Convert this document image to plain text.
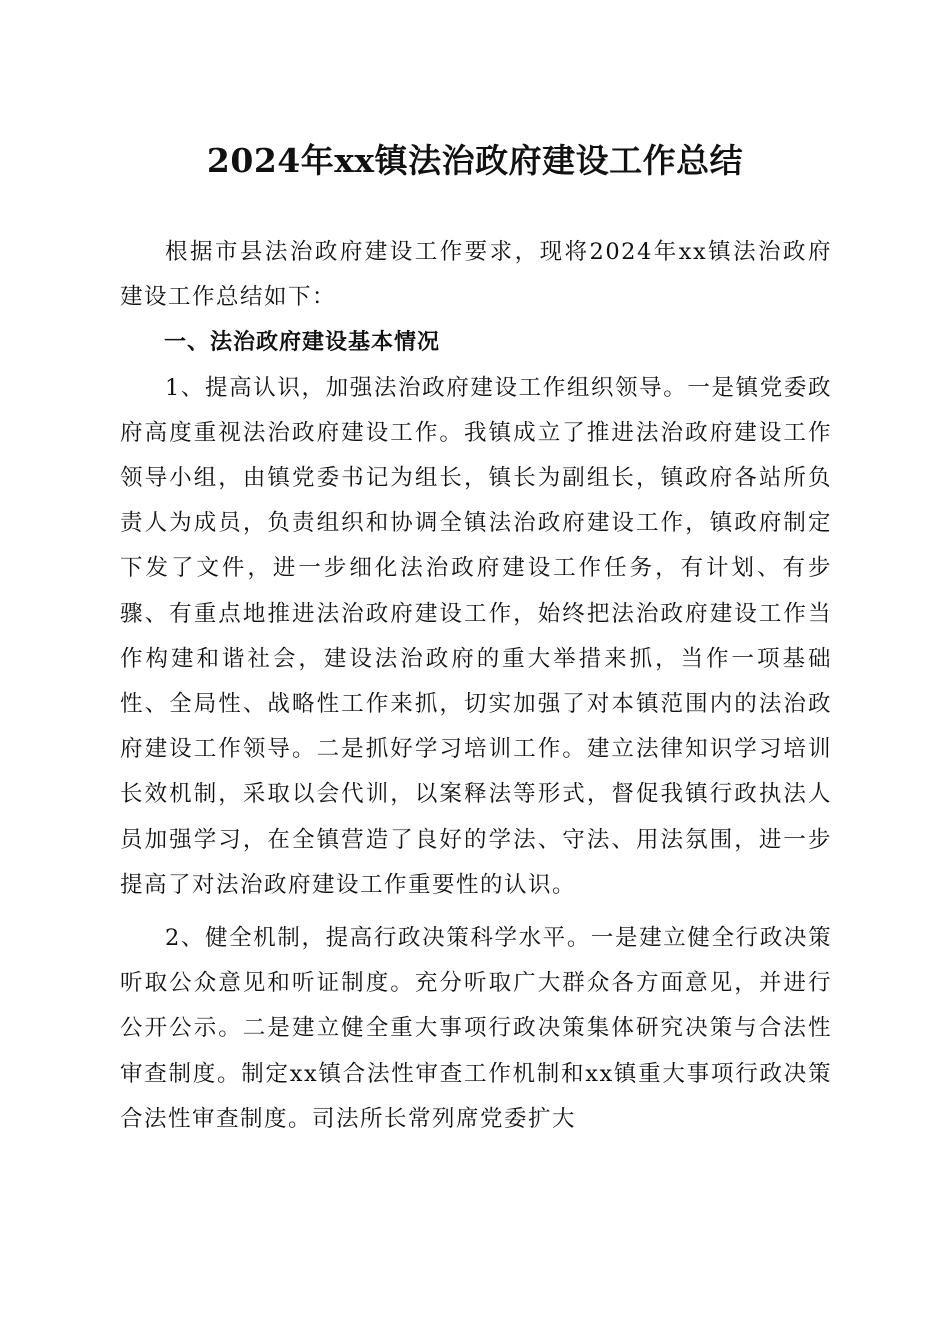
2024年xx镇法治政府建设工作总结

根据市县法治政府建设工作要求，现将2024年xx镇法治政府建设工作总结如下：

一、法治政府建设基本情况

1、提高认识，加强法治政府建设工作组织领导。一是镇党委政府高度重视法治政府建设工作。我镇成立了推进法治政府建设工作领导小组，由镇党委书记为组长，镇长为副组长，镇政府各站所负责人为成员，负责组织和协调全镇法治政府建设工作，镇政府制定下发了文件，进一步细化法治政府建设工作任务，有计划、有步骤、有重点地推进法治政府建设工作，始终把法治政府建设工作当作构建和谐社会，建设法治政府的重大举措来抓，当作一项基础性、全局性、战略性工作来抓，切实加强了对本镇范围内的法治政府建设工作领导。二是抓好学习培训工作。建立法律知识学习培训长效机制，采取以会代训，以案释法等形式，督促我镇行政执法人员加强学习，在全镇营造了良好的学法、守法、用法氛围，进一步提高了对法治政府建设工作重要性的认识。

2、健全机制，提高行政决策科学水平。一是建立健全行政决策听取公众意见和听证制度。充分听取广大群众各方面意见，并进行公开公示。二是建立健全重大事项行政决策集体研究决策与合法性审查制度。制定xx镇合法性审查工作机制和xx镇重大事项行政决策合法性审查制度。司法所长常列席党委扩大
